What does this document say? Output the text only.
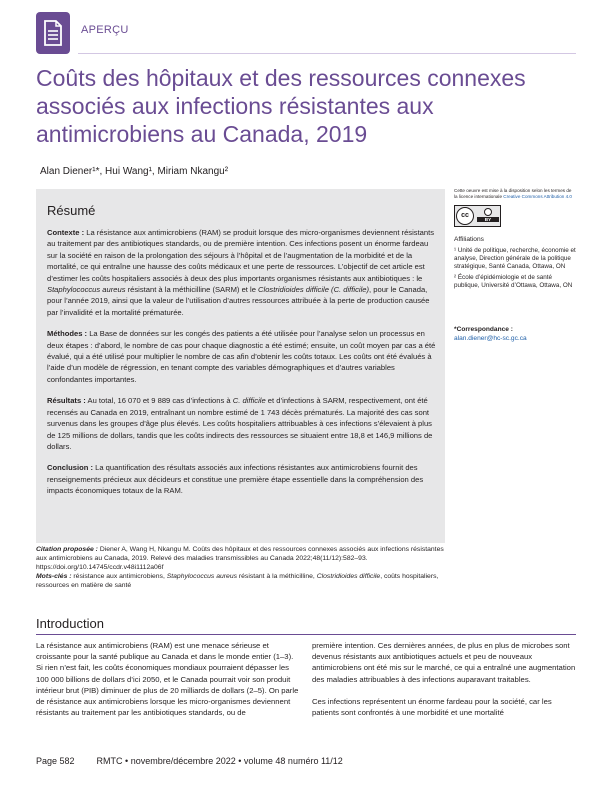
APERÇU
Coûts des hôpitaux et des ressources connexes associés aux infections résistantes aux antimicrobiens au Canada, 2019
Alan Diener¹*, Hui Wang¹, Miriam Nkangu²
Résumé

Contexte : La résistance aux antimicrobiens (RAM) se produit lorsque des micro-organismes deviennent résistants au traitement par des antibiotiques standards, ou de première intention. Ces infections posent un énorme fardeau sur la société en raison de la prolongation des séjours à l’hôpital et de l’augmentation de la morbidité et de la mortalité, ce qui entraîne une hausse des coûts médicaux et une perte de ressources. L’objectif de cet article est d’estimer les coûts hospitaliers associés à deux des plus importants organismes résistants aux antibiotiques : le Staphylococcus aureus résistant à la méthicilline (SARM) et le Clostridioides difficile (C. difficile), pour le Canada, pour l’année 2019, ainsi que la valeur de l’utilisation d’autres ressources attribuée à la perte de production causée par l’invalidité et la mortalité prématurée.

Méthodes : La Base de données sur les congés des patients a été utilisée pour l’analyse selon un processus en deux étapes : d’abord, le nombre de cas pour chaque diagnostic a été estimé; ensuite, un coût moyen par cas a été évalué, qui a été utilisé pour multiplier le nombre de cas afin d’obtenir les coûts totaux. Les coûts ont été évalués à l’aide d’un modèle de régression, en tenant compte des variables démographiques et d’autres variables confondantes importantes.

Résultats : Au total, 16 070 et 9 889 cas d’infections à C. difficile et d’infections à SARM, respectivement, ont été recensés au Canada en 2019, entraînant un nombre estimé de 1 743 décès prématurés. La majorité des cas sont survenus dans les groupes d’âge plus élevés. Les coûts hospitaliers attribuables à ces infections s’élevaient à plus de 125 millions de dollars, tandis que les coûts indirects des ressources se situaient entre 18,8 et 146,9 millions de dollars.

Conclusion : La quantification des résultats associés aux infections résistantes aux antimicrobiens fournit des renseignements précieux aux décideurs et constitue une première étape essentielle dans la compréhension des impacts économiques totaux de la RAM.

Citation proposée : Diener A, Wang H, Nkangu M. Coûts des hôpitaux et des ressources connexes associés aux infections résistantes aux antimicrobiens au Canada, 2019. Relevé des maladies transmissibles au Canada 2022;48(11/12):582–93. https://doi.org/10.14745/ccdr.v48i1112a06f
Mots-clés : résistance aux antimicrobiens, Staphylococcus aureus résistant à la méthicilline, Clostridioides difficile, coûts hospitaliers, ressources en matière de santé
Cette oeuvre est mise à la disposition selon les termes de la licence internationale Creative Commons Attribution 4.0
cc
BY
Affiliations
¹ Unité de politique, recherche, économie et analyse, Direction générale de la politique stratégique, Santé Canada, Ottawa, ON
² École d’épidémiologie et de santé publique, Université d’Ottawa, Ottawa, ON
*Correspondance :
alan.diener@hc-sc.gc.ca
Introduction

La résistance aux antimicrobiens (RAM) est une menace sérieuse et croissante pour la santé publique au Canada et dans le monde entier (1–3). Si rien n’est fait, les coûts économiques mondiaux pourraient dépasser les 100 000 billions de dollars d’ici 2050, et le Canada pourrait voir son produit intérieur brut (PIB) diminuer de plus de 20 milliards de dollars (2–5). On parle de résistance aux antimicrobiens lorsque les micro-organismes deviennent résistants au traitement par les antibiotiques standards, ou de

première intention. Ces dernières années, de plus en plus de microbes sont devenus résistants aux antibiotiques actuels et peu de nouveaux antimicrobiens ont été mis sur le marché, ce qui a entraîné une augmentation des maladies attribuables à des infections auparavant traitables.

Ces infections représentent un énorme fardeau pour la société, car les patients sont confrontés à une morbidité et une mortalité

Page 582 RMTC • novembre/décembre 2022 • volume 48 numéro 11/12
